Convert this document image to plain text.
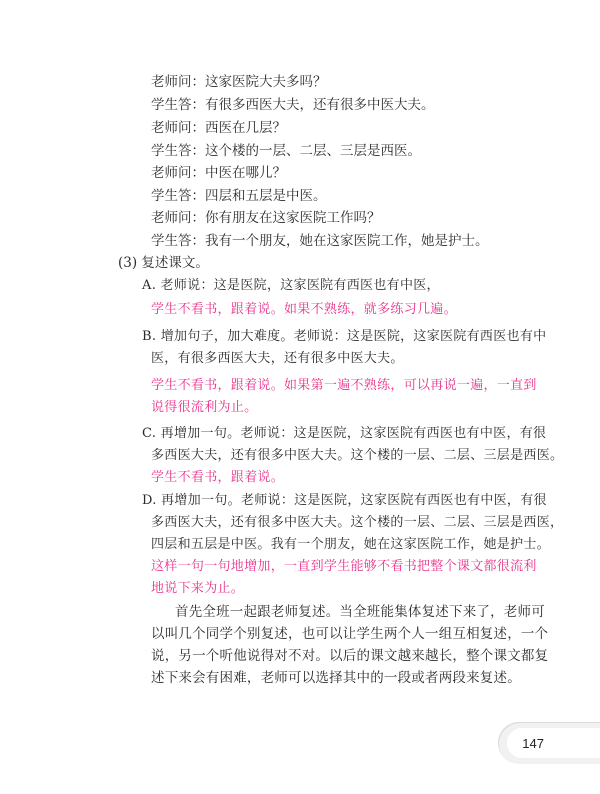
老师问：这家医院大夫多吗？
学生答：有很多西医大夫，还有很多中医大夫。
老师问：西医在几层？
学生答：这个楼的一层、二层、三层是西医。
老师问：中医在哪儿？
学生答：四层和五层是中医。
老师问：你有朋友在这家医院工作吗？
学生答：我有一个朋友，她在这家医院工作，她是护士。
(3) 复述课文。
A. 老师说：这是医院，这家医院有西医也有中医，
学生不看书，跟着说。如果不熟练，就多练习几遍。
B. 增加句子，加大难度。老师说：这是医院，这家医院有西医也有中
医，有很多西医大夫，还有很多中医大夫。
学生不看书，跟着说。如果第一遍不熟练，可以再说一遍，一直到
说得很流利为止。
C. 再增加一句。老师说：这是医院，这家医院有西医也有中医，有很
多西医大夫，还有很多中医大夫。这个楼的一层、二层、三层是西医。
学生不看书，跟着说。
D. 再增加一句。老师说：这是医院，这家医院有西医也有中医，有很
多西医大夫，还有很多中医大夫。这个楼的一层、二层、三层是西医，
四层和五层是中医。我有一个朋友，她在这家医院工作，她是护士。
这样一句一句地增加，一直到学生能够不看书把整个课文都很流利
地说下来为止。
首先全班一起跟老师复述。当全班能集体复述下来了，老师可
以叫几个同学个别复述，也可以让学生两个人一组互相复述，一个
说，另一个听他说得对不对。以后的课文越来越长，整个课文都复
述下来会有困难，老师可以选择其中的一段或者两段来复述。
147
